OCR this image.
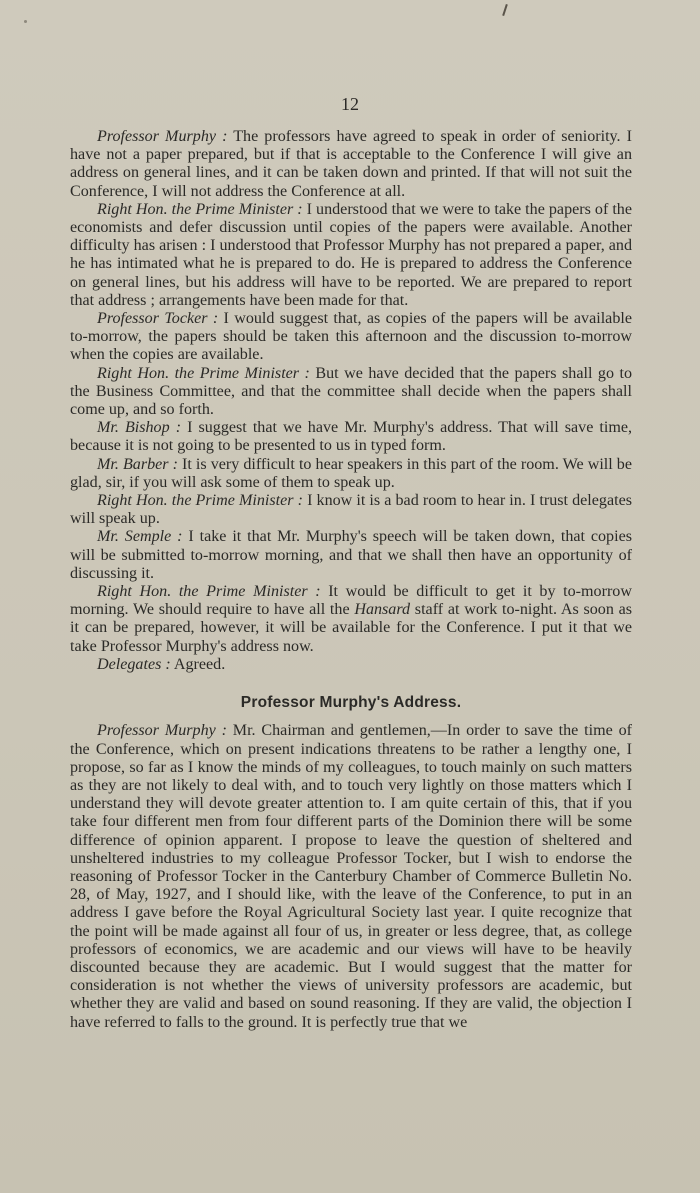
12

Professor Murphy : The professors have agreed to speak in order of seniority. I have not a paper prepared, but if that is acceptable to the Conference I will give an address on general lines, and it can be taken down and printed. If that will not suit the Conference, I will not address the Conference at all.

Right Hon. the Prime Minister : I understood that we were to take the papers of the economists and defer discussion until copies of the papers were available. Another difficulty has arisen : I understood that Professor Murphy has not prepared a paper, and he has intimated what he is prepared to do. He is prepared to address the Conference on general lines, but his address will have to be reported. We are prepared to report that address ; arrangements have been made for that.

Professor Tocker : I would suggest that, as copies of the papers will be available to-morrow, the papers should be taken this afternoon and the discussion to-morrow when the copies are available.

Right Hon. the Prime Minister : But we have decided that the papers shall go to the Business Committee, and that the committee shall decide when the papers shall come up, and so forth.

Mr. Bishop : I suggest that we have Mr. Murphy's address. That will save time, because it is not going to be presented to us in typed form.

Mr. Barber : It is very difficult to hear speakers in this part of the room. We will be glad, sir, if you will ask some of them to speak up.

Right Hon. the Prime Minister : I know it is a bad room to hear in. I trust delegates will speak up.

Mr. Semple : I take it that Mr. Murphy's speech will be taken down, that copies will be submitted to-morrow morning, and that we shall then have an opportunity of discussing it.

Right Hon. the Prime Minister : It would be difficult to get it by to-morrow morning. We should require to have all the Hansard staff at work to-night. As soon as it can be prepared, however, it will be available for the Conference. I put it that we take Professor Murphy's address now.

Delegates : Agreed.

Professor Murphy's Address.

Professor Murphy : Mr. Chairman and gentlemen,—In order to save the time of the Conference, which on present indications threatens to be rather a lengthy one, I propose, so far as I know the minds of my colleagues, to touch mainly on such matters as they are not likely to deal with, and to touch very lightly on those matters which I understand they will devote greater attention to. I am quite certain of this, that if you take four different men from four different parts of the Dominion there will be some difference of opinion apparent. I propose to leave the question of sheltered and unsheltered industries to my colleague Professor Tocker, but I wish to endorse the reasoning of Professor Tocker in the Canterbury Chamber of Commerce Bulletin No. 28, of May, 1927, and I should like, with the leave of the Conference, to put in an address I gave before the Royal Agricultural Society last year. I quite recognize that the point will be made against all four of us, in greater or less degree, that, as college professors of economics, we are academic and our views will have to be heavily discounted because they are academic. But I would suggest that the matter for consideration is not whether the views of university professors are academic, but whether they are valid and based on sound reasoning. If they are valid, the objection I have referred to falls to the ground. It is perfectly true that we
